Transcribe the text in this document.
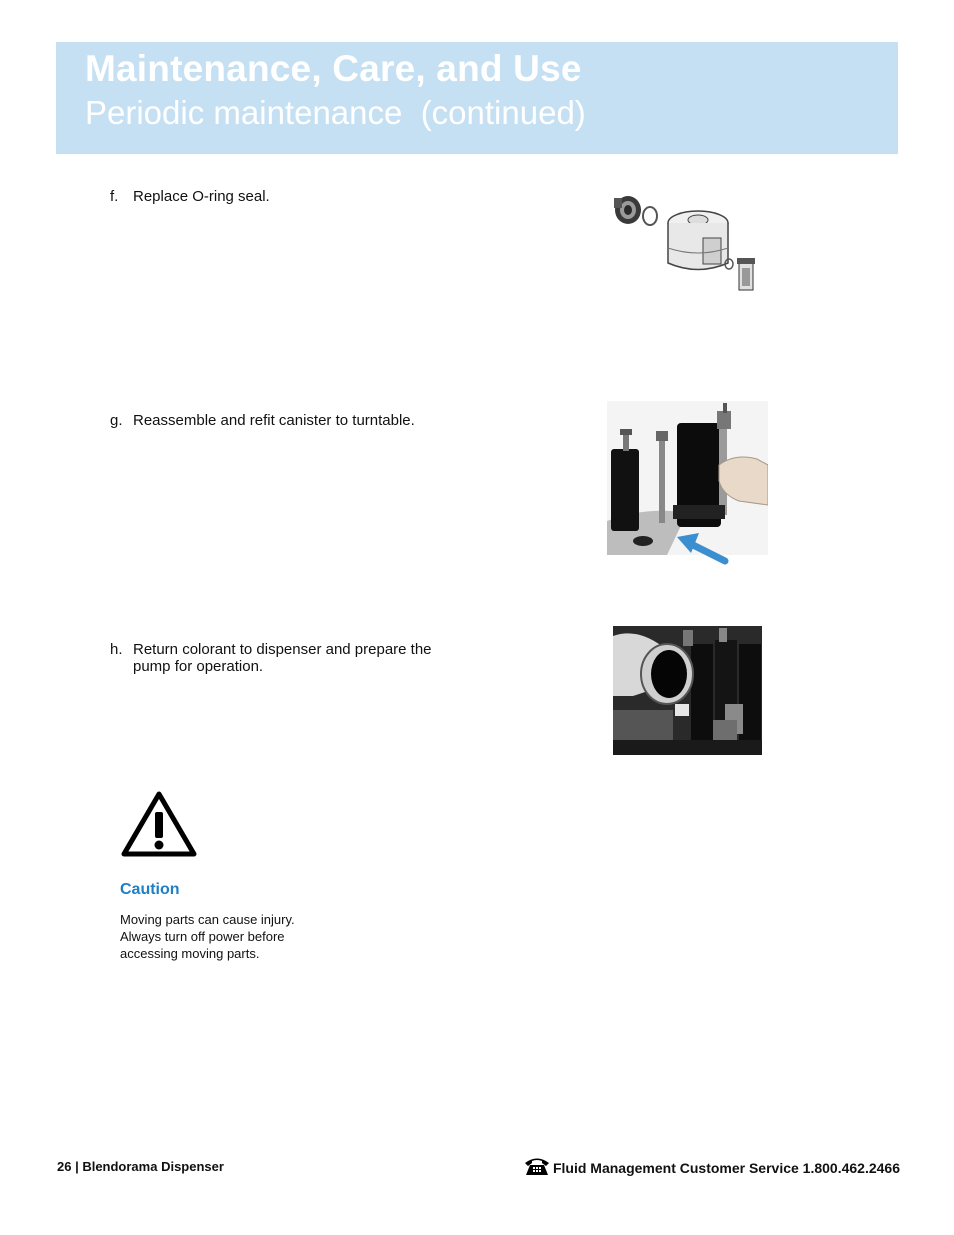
Maintenance, Care, and Use
Periodic maintenance  (continued)
f. Replace O-ring seal.
g. Reassemble and refit canister to turntable.
h. Return colorant to dispenser and prepare the pump for operation.
Caution

Moving parts can cause injury.
Always turn off power before
accessing moving parts.

26 | Blendorama Dispenser	Fluid Management Customer Service 1.800.462.2466
